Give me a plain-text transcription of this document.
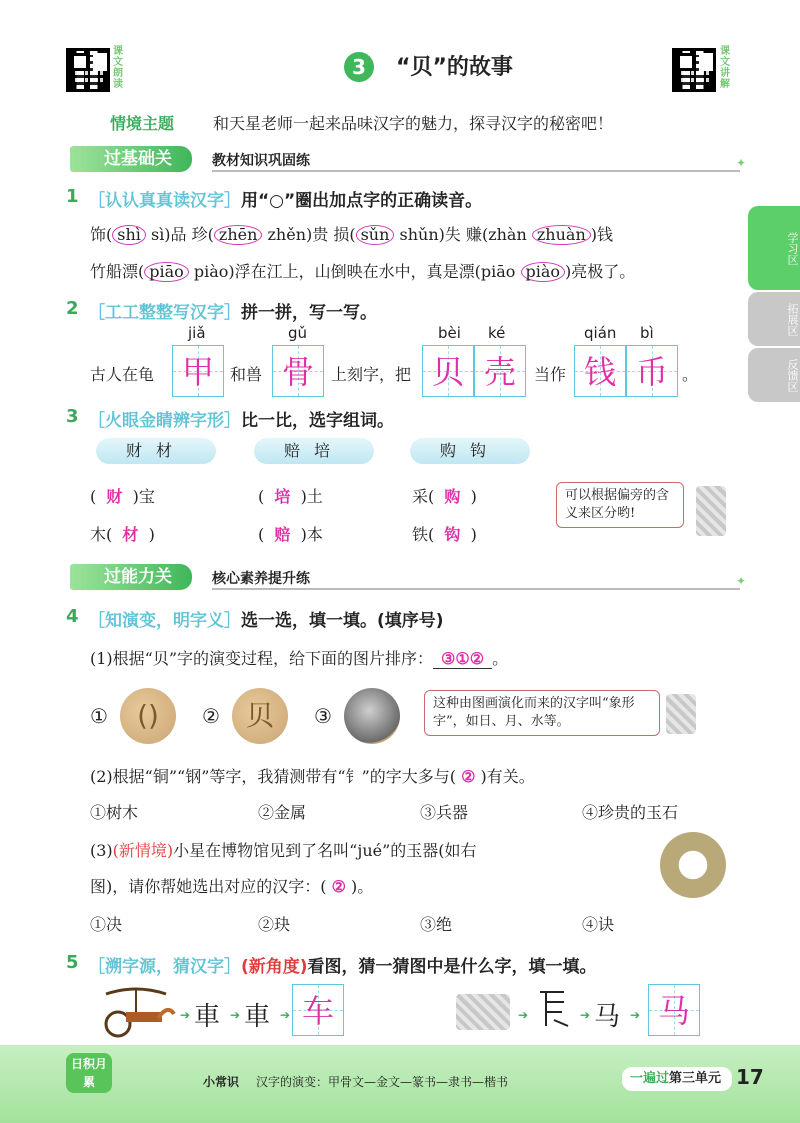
课文朗读
3	“贝”的故事
课文讲解
情境主题 和天星老师一起来品味汉字的魅力，探寻汉字的秘密吧！
过基础关	教材知识巩固练	✦
学习区
拓展区
反馈区
1 ［认认真真读汉字］用“○”圈出加点字的正确读音。
饰( shì sì)品 珍( zhēn zhěn)贵 损( sǔn shǔn)失 赚(zhàn zhuàn )钱
竹船漂( piāo piào)浮在江上，山倒映在水中，真是漂(piāo piào )亮极了。
2 ［工工整整写汉字］拼一拼，写一写。
jiǎ	gǔ	bèi ké	qián bì
古人在龟 甲	和兽 骨	上刻字，把 贝 壳	当作 钱 币 。
3 ［火眼金睛辨字形］比一比，选字组词。
财材	赔培	购钩
( 财 )宝	( 培 )土	采( 购 )
木( 材 )	( 赔 )本	铁( 钩 )
可以根据偏旁的含义来区分哟!
过能力关	核心素养提升练	✦
4 ［知演变，明字义］选一选，填一填。(填序号)
(1)根据“贝”字的演变过程，给下面的图片排序： ③①② 。
①	()	② 贝	③
这种由图画演化而来的汉字叫“象形字”，如日、月、水等。
(2)根据“铜”“钢”等字，我猜测带有“钅”的字大多与( ② )有关。
①树木	②金属	③兵器	④珍贵的玉石
(3)(新情境)小星在博物馆见到了名叫“jué”的玉器(如右
图)，请你帮她选出对应的汉字：( ② )。
①决	②玦	③绝	④诀
5 ［溯字源，猜汉字］(新角度)看图，猜一猜图中是什么字，填一填。
➔ 車 ➔ 車 ➔ 车	➔	➔ 马 ➔ 马
日积月累	小常识 汉字的演变：甲骨文—金文—篆书—隶书—楷书	一遍过第三单元 17
